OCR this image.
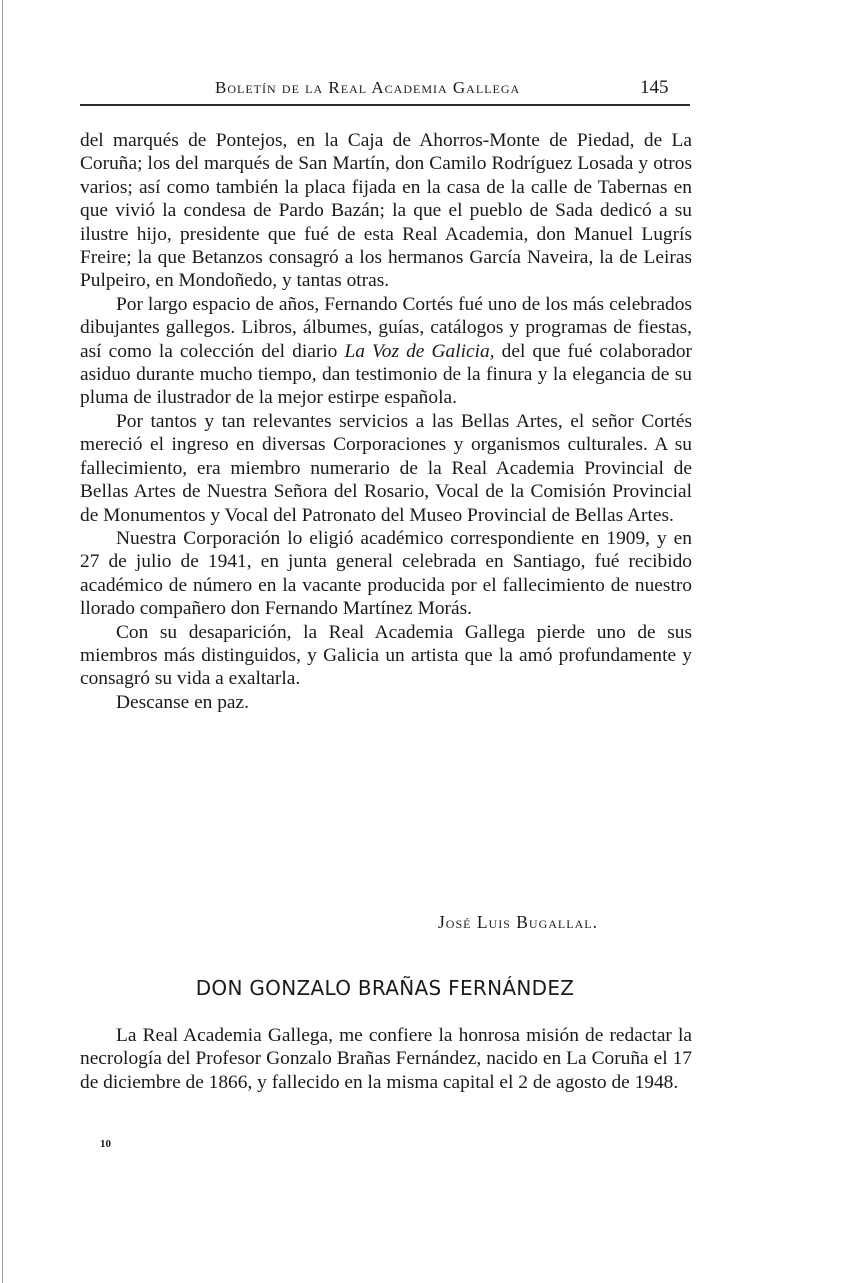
Boletín de la Real Academia Gallega	145

del marqués de Pontejos, en la Caja de Ahorros-Monte de Piedad, de La Coruña; los del marqués de San Martín, don Camilo Rodríguez Losada y otros varios; así como también la placa fijada en la casa de la calle de Tabernas en que vivió la condesa de Pardo Bazán; la que el pueblo de Sada dedicó a su ilustre hijo, presidente que fué de esta Real Academia, don Manuel Lugrís Freire; la que Betanzos consagró a los hermanos García Naveira, la de Leiras Pulpeiro, en Mondoñedo, y tantas otras.

Por largo espacio de años, Fernando Cortés fué uno de los más celebrados dibujantes gallegos. Libros, álbumes, guías, catálogos y programas de fiestas, así como la colección del diario La Voz de Galicia, del que fué colaborador asiduo durante mucho tiempo, dan testimonio de la finura y la elegancia de su pluma de ilustrador de la mejor estirpe española.

Por tantos y tan relevantes servicios a las Bellas Artes, el señor Cortés mereció el ingreso en diversas Corporaciones y organismos culturales. A su fallecimiento, era miembro numerario de la Real Academia Provincial de Bellas Artes de Nuestra Señora del Rosario, Vocal de la Comisión Provincial de Monumentos y Vocal del Patronato del Museo Provincial de Bellas Artes.

Nuestra Corporación lo eligió académico correspondiente en 1909, y en 27 de julio de 1941, en junta general celebrada en Santiago, fué recibido académico de número en la vacante producida por el fallecimiento de nuestro llorado compañero don Fernando Martínez Morás.

Con su desaparición, la Real Academia Gallega pierde uno de sus miembros más distinguidos, y Galicia un artista que la amó profundamente y consagró su vida a exaltarla.

Descanse en paz.

José Luis Bugallal.
DON GONZALO BRAÑAS FERNÁNDEZ

La Real Academia Gallega, me confiere la honrosa misión de redactar la necrología del Profesor Gonzalo Brañas Fernández, nacido en La Coruña el 17 de diciembre de 1866, y fallecido en la misma capital el 2 de agosto de 1948.

10
